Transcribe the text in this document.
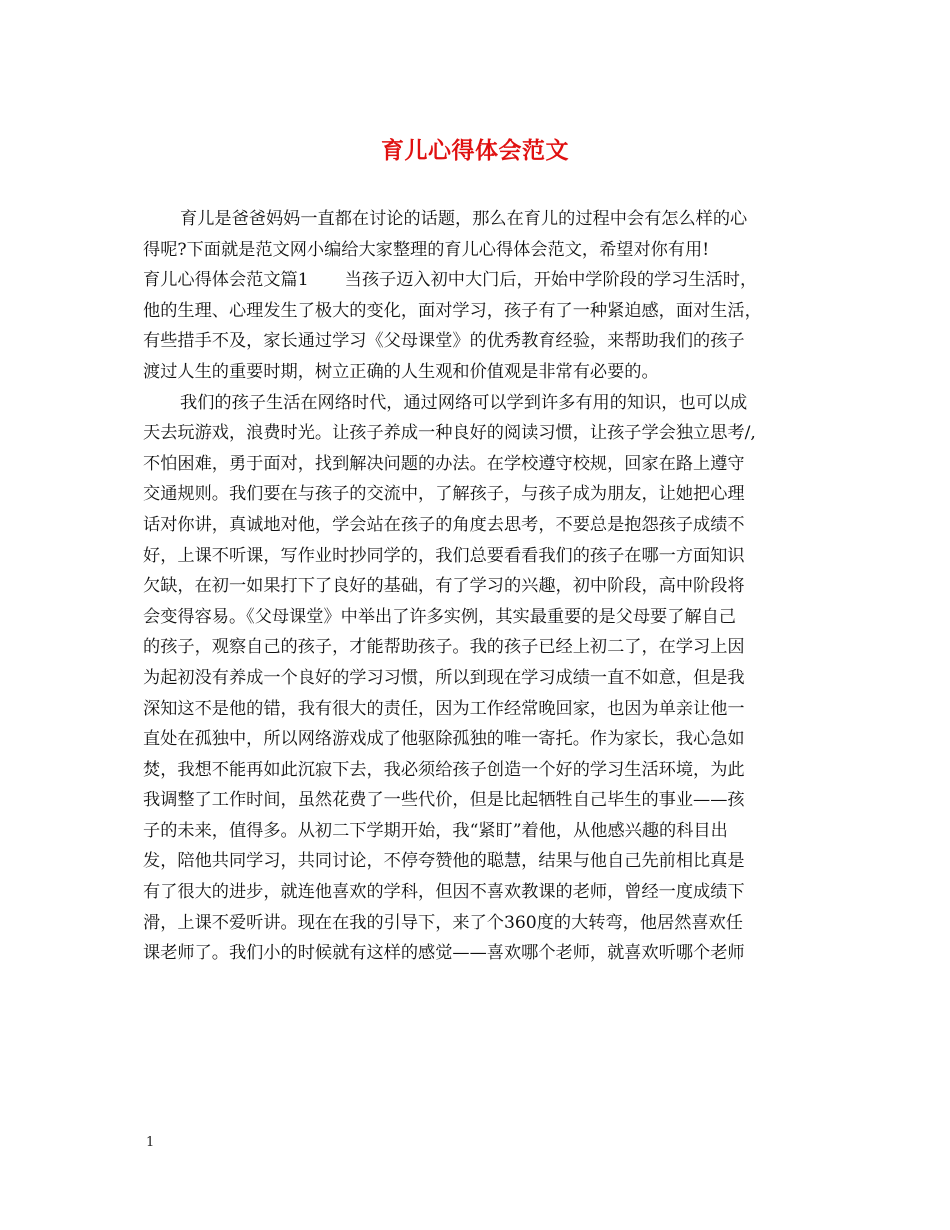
育儿心得体会范文
育儿是爸爸妈妈一直都在讨论的话题，那么在育儿的过程中会有怎么样的心
得呢?下面就是范文网小编给大家整理的育儿心得体会范文，希望对你有用!
育儿心得体会范文篇1 当孩子迈入初中大门后，开始中学阶段的学习生活时，
他的生理、心理发生了极大的变化，面对学习，孩子有了一种紧迫感，面对生活，
有些措手不及，家长通过学习《父母课堂》的优秀教育经验，来帮助我们的孩子
渡过人生的重要时期，树立正确的人生观和价值观是非常有必要的。
我们的孩子生活在网络时代，通过网络可以学到许多有用的知识，也可以成
天去玩游戏，浪费时光。让孩子养成一种良好的阅读习惯，让孩子学会独立思考/,
不怕困难，勇于面对，找到解决问题的办法。在学校遵守校规，回家在路上遵守
交通规则。我们要在与孩子的交流中，了解孩子，与孩子成为朋友，让她把心理
话对你讲，真诚地对他，学会站在孩子的角度去思考，不要总是抱怨孩子成绩不
好，上课不听课，写作业时抄同学的，我们总要看看我们的孩子在哪一方面知识
欠缺，在初一如果打下了良好的基础，有了学习的兴趣，初中阶段，高中阶段将
会变得容易。《父母课堂》中举出了许多实例，其实最重要的是父母要了解自己
的孩子，观察自己的孩子，才能帮助孩子。我的孩子已经上初二了，在学习上因
为起初没有养成一个良好的学习习惯，所以到现在学习成绩一直不如意，但是我
深知这不是他的错，我有很大的责任，因为工作经常晚回家，也因为单亲让他一
直处在孤独中，所以网络游戏成了他驱除孤独的唯一寄托。作为家长，我心急如
焚，我想不能再如此沉寂下去，我必须给孩子创造一个好的学习生活环境，为此
我调整了工作时间，虽然花费了一些代价，但是比起牺牲自己毕生的事业——孩
子的未来，值得多。从初二下学期开始，我“紧盯”着他，从他感兴趣的科目出
发，陪他共同学习，共同讨论，不停夸赞他的聪慧，结果与他自己先前相比真是
有了很大的进步，就连他喜欢的学科，但因不喜欢教课的老师，曾经一度成绩下
滑，上课不爱听讲。现在在我的引导下，来了个360度的大转弯，他居然喜欢任
课老师了。我们小的时候就有这样的感觉——喜欢哪个老师，就喜欢听哪个老师
1
